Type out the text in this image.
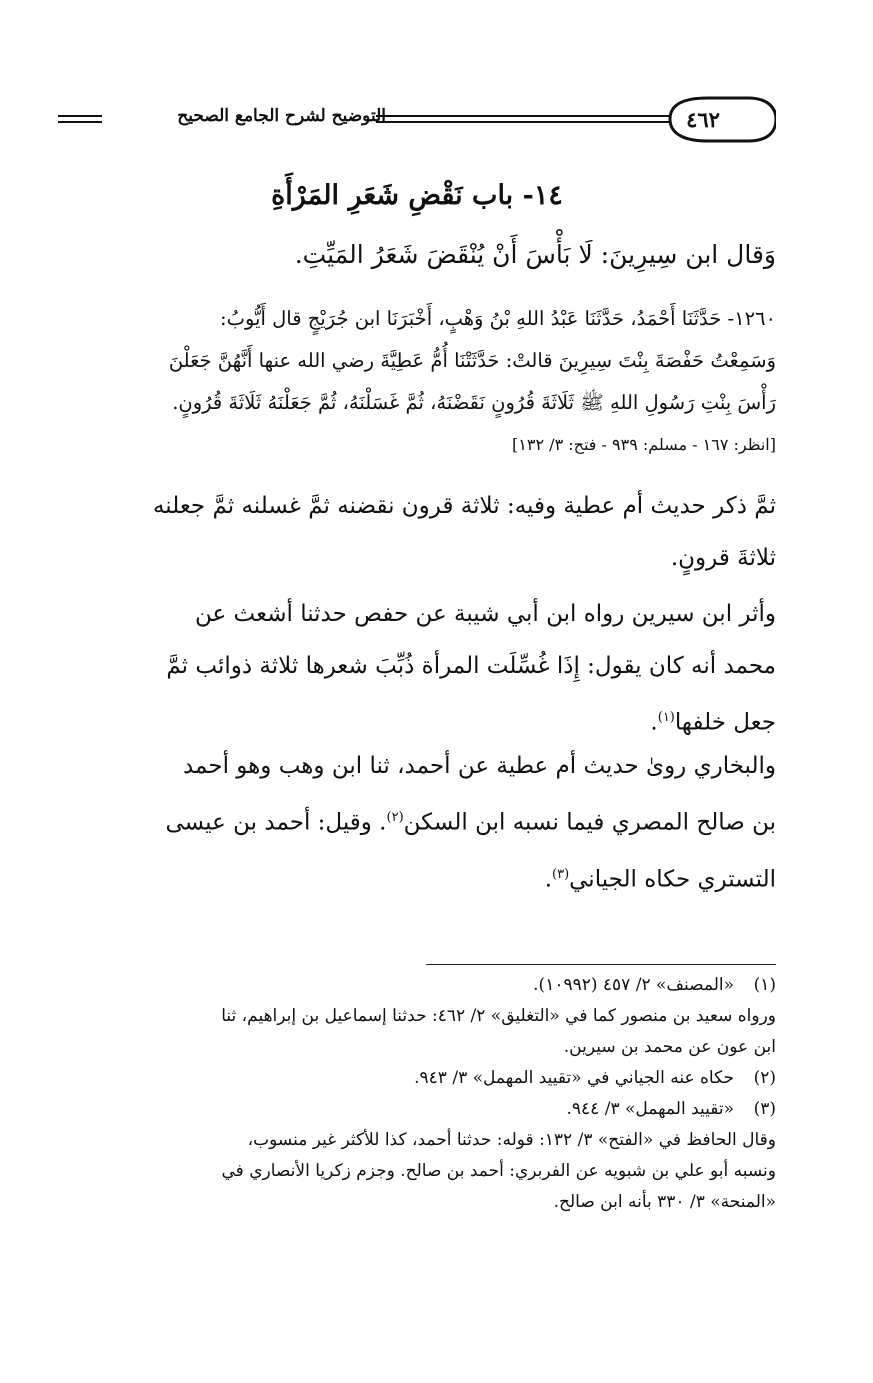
٤٦٢
التوضيح لشرح الجامع الصحيح
١٤- باب نَقْضِ شَعَرِ المَرْأَةِ
وَقال ابن سِيرِينَ: لَا بَأْسَ أَنْ يُنْقَضَ شَعَرُ المَيِّتِ.
١٢٦٠- حَدَّثَنَا أَحْمَدُ، حَدَّثَنَا عَبْدُ اللهِ بْنُ وَهْبٍ، أَخْبَرَنَا ابن جُرَيْجٍ قال أَيُّوبُ:
وَسَمِعْتُ حَفْصَةَ بِنْتَ سِيرِينَ قالتْ: حَدَّثَتْنَا أُمُّ عَطِيَّةَ رضي الله عنها أَنَّهُنَّ جَعَلْنَ
رَأْسَ بِنْتِ رَسُولِ اللهِ ﷺ ثَلَاثَةَ قُرُونٍ نَقَضْنَهُ، ثُمَّ غَسَلْنَهُ، ثُمَّ جَعَلْنَهُ ثَلَاثَةَ قُرُونٍ.
[انظر: ١٦٧ - مسلم: ٩٣٩ - فتح: ٣/ ١٣٢]
ثمَّ ذكر حديث أم عطية وفيه: ثلاثة قرون نقضنه ثمَّ غسلنه ثمَّ جعلنه
ثلاثةَ قرونٍ.
وأثر ابن سيرين رواه ابن أبي شيبة عن حفص حدثنا أشعث عن
محمد أنه كان يقول: إِذَا غُسِّلَت المرأة ذُبِّبَ شعرها ثلاثة ذوائب ثمَّ
جعل خلفها$^{(١)}$.
والبخاري روىٰ حديث أم عطية عن أحمد، ثنا ابن وهب وهو أحمد
بن صالح المصري فيما نسبه ابن السكن$^{(٢)}$. وقيل: أحمد بن عيسى
التستري حكاه الجياني$^{(٣)}$.
(١)«المصنف» ٢/ ٤٥٧ (١٠٩٩٢).
ورواه سعيد بن منصور كما في «التغليق» ٢/ ٤٦٢: حدثنا إسماعيل بن إبراهيم، ثنا
ابن عون عن محمد بن سيرين.
(٢)حكاه عنه الجياني في «تقييد المهمل» ٣/ ٩٤٣.
(٣)«تقييد المهمل» ٣/ ٩٤٤.
وقال الحافظ في «الفتح» ٣/ ١٣٢: قوله: حدثنا أحمد، كذا للأكثر غير منسوب،
ونسبه أبو علي بن شبويه عن الفربري: أحمد بن صالح. وجزم زكريا الأنصاري في
«المنحة» ٣/ ٣٣٠ بأنه ابن صالح.
